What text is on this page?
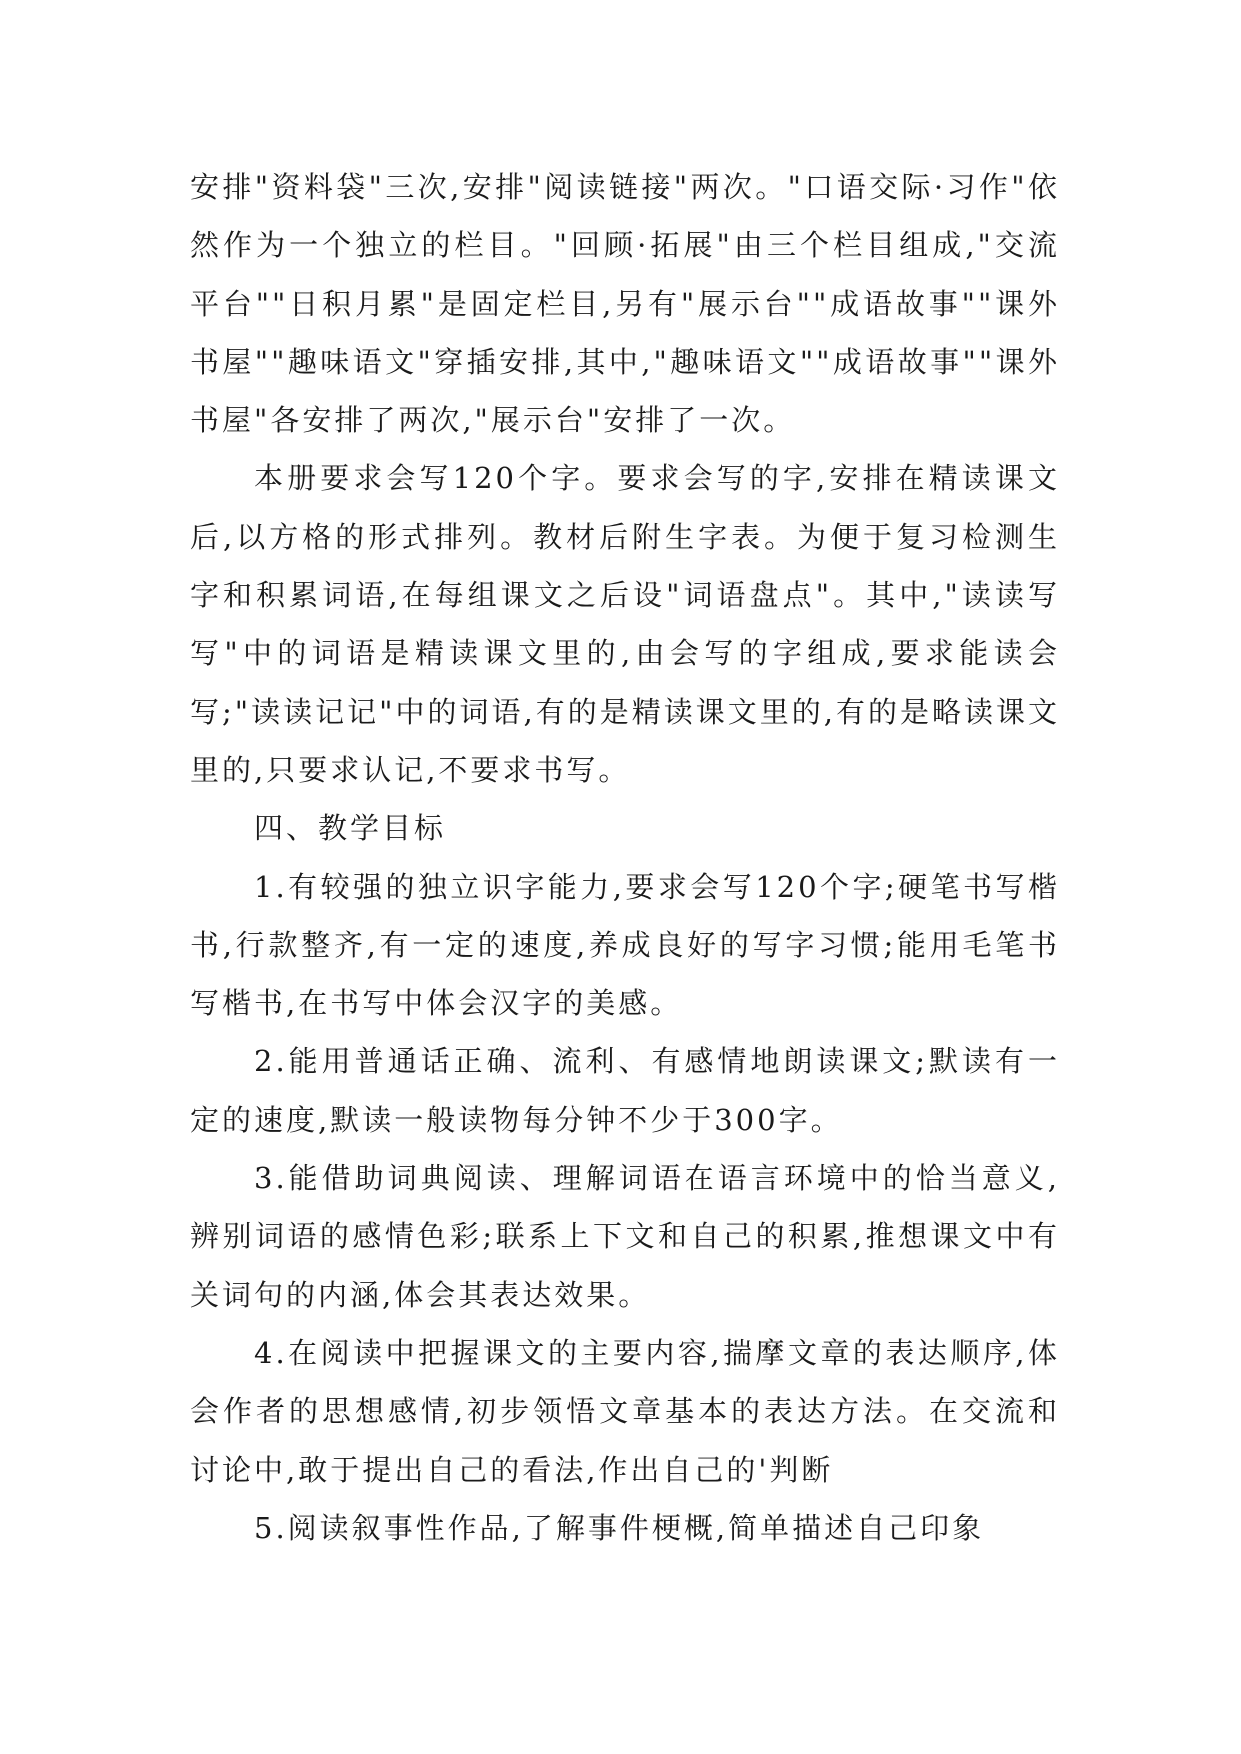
安排"资料袋"三次,安排"阅读链接"两次。"口语交际·习作"依然作为一个独立的栏目。"回顾·拓展"由三个栏目组成,"交流平台""日积月累"是固定栏目,另有"展示台""成语故事""课外书屋""趣味语文"穿插安排,其中,"趣味语文""成语故事""课外书屋"各安排了两次,"展示台"安排了一次。

本册要求会写120个字。要求会写的字,安排在精读课文后,以方格的形式排列。教材后附生字表。为便于复习检测生字和积累词语,在每组课文之后设"词语盘点"。其中,"读读写写"中的词语是精读课文里的,由会写的字组成,要求能读会写;"读读记记"中的词语,有的是精读课文里的,有的是略读课文里的,只要求认记,不要求书写。

四、教学目标

1.有较强的独立识字能力,要求会写120个字;硬笔书写楷书,行款整齐,有一定的速度,养成良好的写字习惯;能用毛笔书写楷书,在书写中体会汉字的美感。

2.能用普通话正确、流利、有感情地朗读课文;默读有一定的速度,默读一般读物每分钟不少于300字。

3.能借助词典阅读、理解词语在语言环境中的恰当意义,辨别词语的感情色彩;联系上下文和自己的积累,推想课文中有关词句的内涵,体会其表达效果。

4.在阅读中把握课文的主要内容,揣摩文章的表达顺序,体会作者的思想感情,初步领悟文章基本的表达方法。在交流和讨论中,敢于提出自己的看法,作出自己的'判断

5.阅读叙事性作品,了解事件梗概,简单描述自己印象
